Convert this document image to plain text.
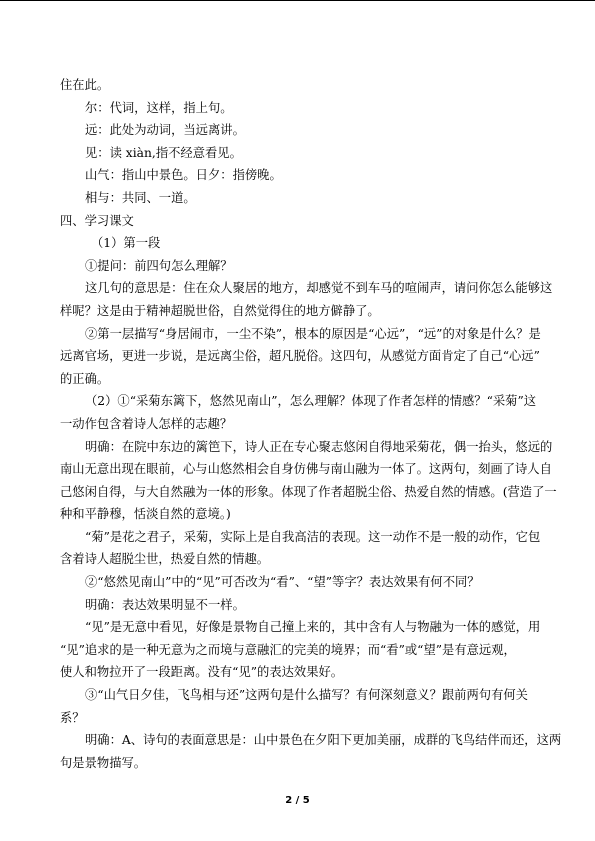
住在此。
尔：代词，这样，指上句。
远：此处为动词，当远离讲。
见：读 xiàn,指不经意看见。
山气：指山中景色。日夕：指傍晚。
相与：共同、一道。
四、学习课文
（1）第一段
①提问：前四句怎么理解？
这几句的意思是：住在众人聚居的地方，却感觉不到车马的喧闹声，请问你怎么能够这
样呢？这是由于精神超脱世俗，自然觉得住的地方僻静了。
②第一层描写“身居闹市，一尘不染”，根本的原因是“心远”，“远”的对象是什么？是
远离官场，更进一步说，是远离尘俗，超凡脱俗。这四句，从感觉方面肯定了自己“心远”
的正确。
（2）①“采菊东篱下，悠然见南山”，怎么理解？体现了作者怎样的情感？“采菊”这
一动作包含着诗人怎样的志趣？
明确：在院中东边的篱笆下，诗人正在专心聚志悠闲自得地采菊花，偶一抬头，悠远的
南山无意出现在眼前，心与山悠然相会自身仿佛与南山融为一体了。这两句，刻画了诗人自
己悠闲自得，与大自然融为一体的形象。体现了作者超脱尘俗、热爱自然的情感。(营造了一
种和平静穆，恬淡自然的意境。)
“菊”是花之君子，采菊，实际上是自我高洁的表现。这一动作不是一般的动作，它包
含着诗人超脱尘世，热爱自然的情趣。
②“悠然见南山”中的“见”可否改为“看”、“望”等字？表达效果有何不同？
明确：表达效果明显不一样。
“见”是无意中看见，好像是景物自己撞上来的，其中含有人与物融为一体的感觉，用
“见”追求的是一种无意为之而境与意融汇的完美的境界；而“看”或“望”是有意远观，
使人和物拉开了一段距离。没有“见”的表达效果好。
③“山气日夕佳，飞鸟相与还”这两句是什么描写？有何深刻意义？跟前两句有何关
系？
明确：A、诗句的表面意思是：山中景色在夕阳下更加美丽，成群的飞鸟结伴而还，这两
句是景物描写。
2 / 5
